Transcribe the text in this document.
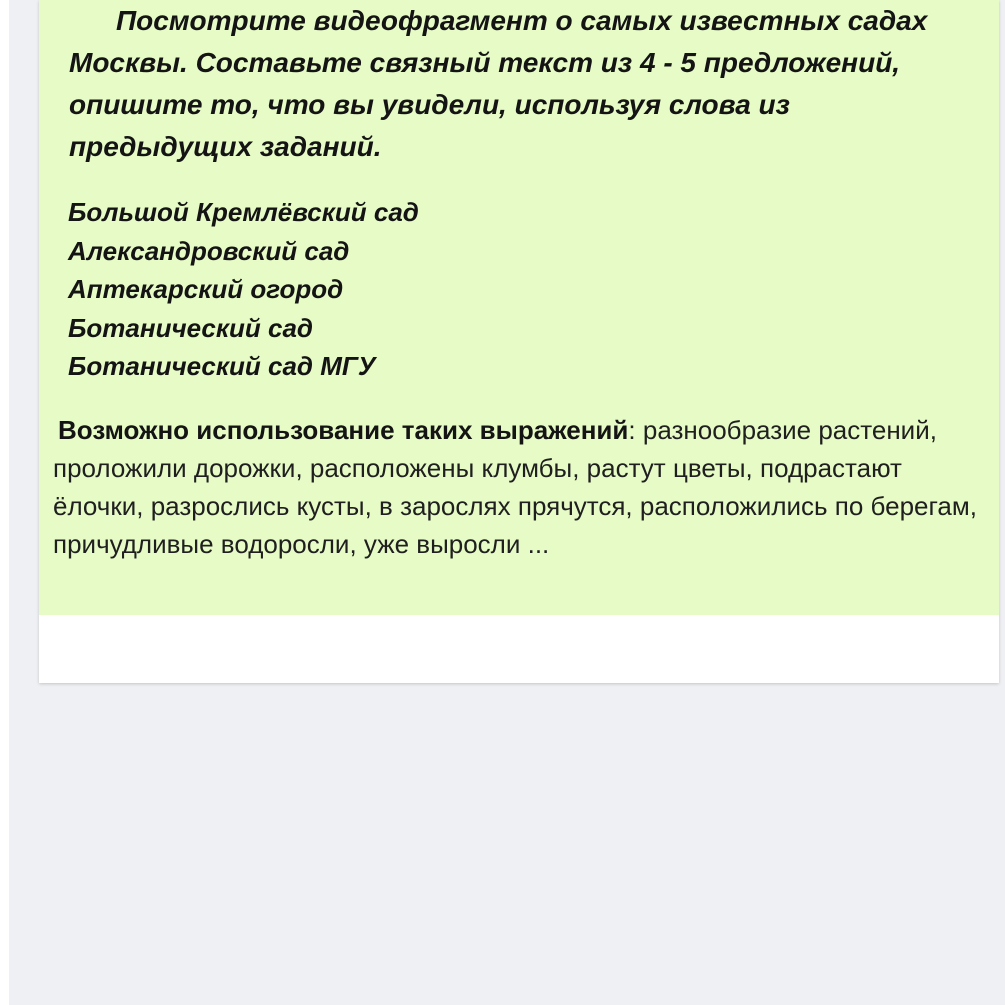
Посмотрите видеофрагмент о самых известных садах Москвы. Составьте связный текст из 4 - 5 предложений, опишите то, что вы увидели, используя слова из предыдущих заданий.

Большой Кремлёвский сад
Александровский сад
Аптекарский огород
Ботанический сад
Ботанический сад МГУ

Возможно использование таких выражений: разнообразие растений, проложили дорожки, расположены клумбы, растут цветы, подрастают ёлочки, разрослись кусты, в зарослях прячутся, расположились по берегам, причудливые водоросли, уже выросли ...
